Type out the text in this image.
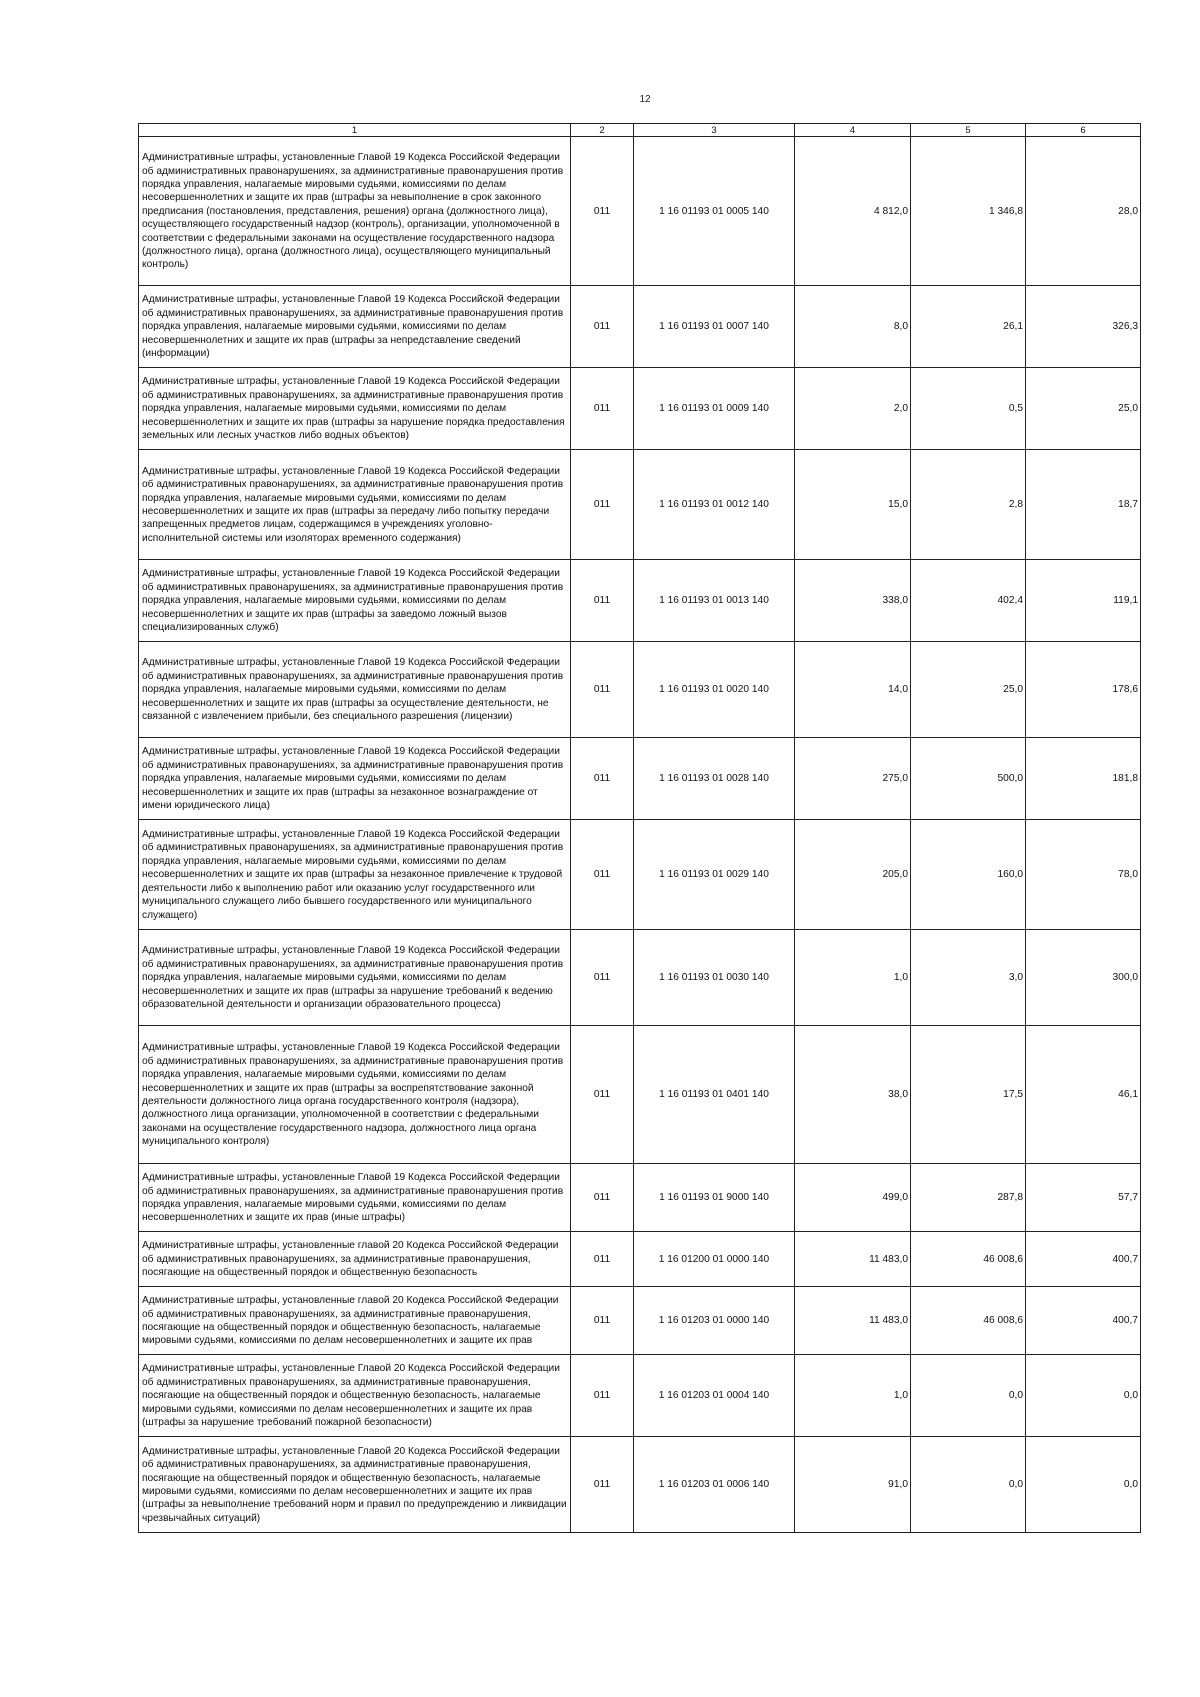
12
1	2	3	4	5	6
Административные штрафы, установленные Главой 19 Кодекса Российской Федерации об административных правонарушениях, за административные правонарушения против порядка управления, налагаемые мировыми судьями, комиссиями по делам несовершеннолетних и защите их прав (штрафы за невыполнение в срок законного предписания (постановления, представления, решения) органа (должностного лица), осуществляющего государственный надзор (контроль), организации, уполномоченной в соответствии с федеральными законами на осуществление государственного надзора (должностного лица), органа (должностного лица), осуществляющего муниципальный контроль)	011	1 16 01193 01 0005 140	4 812,0	1 346,8	28,0
Административные штрафы, установленные Главой 19 Кодекса Российской Федерации об административных правонарушениях, за административные правонарушения против порядка управления, налагаемые мировыми судьями, комиссиями по делам несовершеннолетних и защите их прав (штрафы за непредставление сведений (информации)	011	1 16 01193 01 0007 140	8,0	26,1	326,3
Административные штрафы, установленные Главой 19 Кодекса Российской Федерации об административных правонарушениях, за административные правонарушения против порядка управления, налагаемые мировыми судьями, комиссиями по делам несовершеннолетних и защите их прав (штрафы за нарушение порядка предоставления земельных или лесных участков либо водных объектов)	011	1 16 01193 01 0009 140	2,0	0,5	25,0
Административные штрафы, установленные Главой 19 Кодекса Российской Федерации об административных правонарушениях, за административные правонарушения против порядка управления, налагаемые мировыми судьями, комиссиями по делам несовершеннолетних и защите их прав (штрафы за передачу либо попытку передачи запрещенных предметов лицам, содержащимся в учреждениях уголовно-исполнительной системы или изоляторах временного содержания)	011	1 16 01193 01 0012 140	15,0	2,8	18,7
Административные штрафы, установленные Главой 19 Кодекса Российской Федерации об административных правонарушениях, за административные правонарушения против порядка управления, налагаемые мировыми судьями, комиссиями по делам несовершеннолетних и защите их прав (штрафы за заведомо ложный вызов специализированных служб)	011	1 16 01193 01 0013 140	338,0	402,4	119,1
Административные штрафы, установленные Главой 19 Кодекса Российской Федерации об административных правонарушениях, за административные правонарушения против порядка управления, налагаемые мировыми судьями, комиссиями по делам несовершеннолетних и защите их прав (штрафы за осуществление деятельности, не связанной с извлечением прибыли, без специального разрешения (лицензии)	011	1 16 01193 01 0020 140	14,0	25,0	178,6
Административные штрафы, установленные Главой 19 Кодекса Российской Федерации об административных правонарушениях, за административные правонарушения против порядка управления, налагаемые мировыми судьями, комиссиями по делам несовершеннолетних и защите их прав (штрафы за незаконное вознаграждение от имени юридического лица)	011	1 16 01193 01 0028 140	275,0	500,0	181,8
Административные штрафы, установленные Главой 19 Кодекса Российской Федерации об административных правонарушениях, за административные правонарушения против порядка управления, налагаемые мировыми судьями, комиссиями по делам несовершеннолетних и защите их прав (штрафы за незаконное привлечение к трудовой деятельности либо к выполнению работ или оказанию услуг государственного или муниципального служащего либо бывшего государственного или муниципального служащего)	011	1 16 01193 01 0029 140	205,0	160,0	78,0
Административные штрафы, установленные Главой 19 Кодекса Российской Федерации об административных правонарушениях, за административные правонарушения против порядка управления, налагаемые мировыми судьями, комиссиями по делам несовершеннолетних и защите их прав (штрафы за нарушение требований к ведению образовательной деятельности и организации образовательного процесса)	011	1 16 01193 01 0030 140	1,0	3,0	300,0
Административные штрафы, установленные Главой 19 Кодекса Российской Федерации об административных правонарушениях, за административные правонарушения против порядка управления, налагаемые мировыми судьями, комиссиями по делам несовершеннолетних и защите их прав (штрафы за воспрепятствование законной деятельности должностного лица органа государственного контроля (надзора), должностного лица организации, уполномоченной в соответствии с федеральными законами на осуществление государственного надзора, должностного лица органа муниципального контроля)	011	1 16 01193 01 0401 140	38,0	17,5	46,1
Административные штрафы, установленные Главой 19 Кодекса Российской Федерации об административных правонарушениях, за административные правонарушения против порядка управления, налагаемые мировыми судьями, комиссиями по делам несовершеннолетних и защите их прав (иные штрафы)	011	1 16 01193 01 9000 140	499,0	287,8	57,7
Административные штрафы, установленные главой 20 Кодекса Российской Федерации об административных правонарушениях, за административные правонарушения, посягающие на общественный порядок и общественную безопасность	011	1 16 01200 01 0000 140	11 483,0	46 008,6	400,7
Административные штрафы, установленные главой 20 Кодекса Российской Федерации об административных правонарушениях, за административные правонарушения, посягающие на общественный порядок и общественную безопасность, налагаемые мировыми судьями, комиссиями по делам несовершеннолетних и защите их прав	011	1 16 01203 01 0000 140	11 483,0	46 008,6	400,7
Административные штрафы, установленные Главой 20 Кодекса Российской Федерации об административных правонарушениях, за административные правонарушения, посягающие на общественный порядок и общественную безопасность, налагаемые мировыми судьями, комиссиями по делам несовершеннолетних и защите их прав (штрафы за нарушение требований пожарной безопасности)	011	1 16 01203 01 0004 140	1,0	0,0	0,0
Административные штрафы, установленные Главой 20 Кодекса Российской Федерации об административных правонарушениях, за административные правонарушения, посягающие на общественный порядок и общественную безопасность, налагаемые мировыми судьями, комиссиями по делам несовершеннолетних и защите их прав (штрафы за невыполнение требований норм и правил по предупреждению и ликвидации чрезвычайных ситуаций)	011	1 16 01203 01 0006 140	91,0	0,0	0,0
